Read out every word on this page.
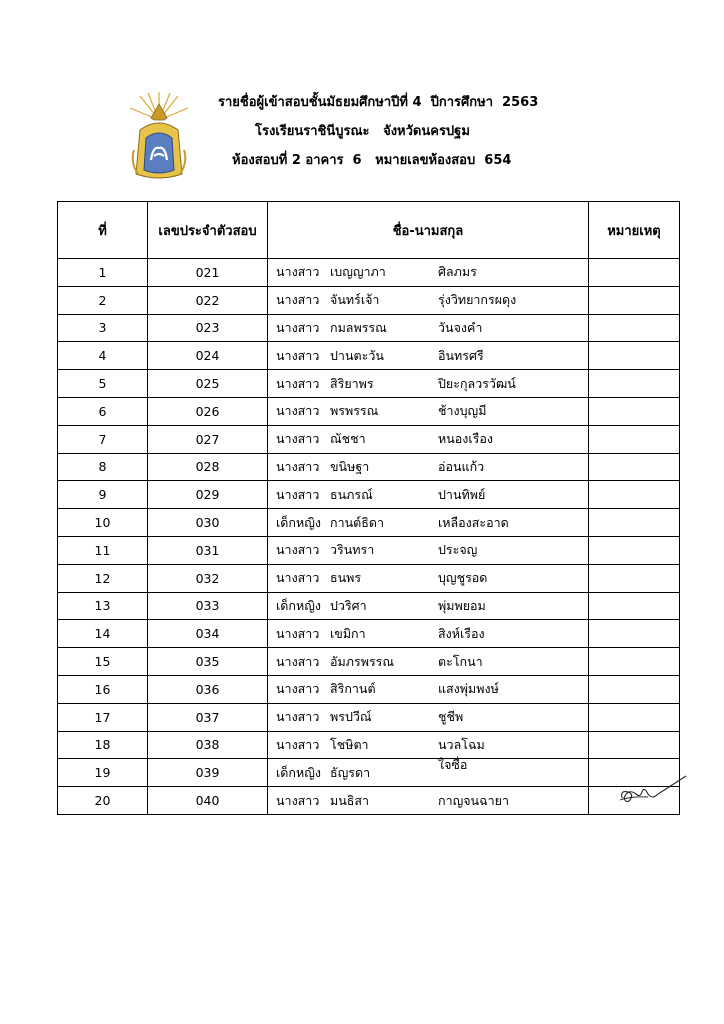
รายชื่อผู้เข้าสอบชั้นมัธยมศึกษาปีที่ 4  ปีการศึกษา  2563
โรงเรียนราชินีบูรณะ   จังหวัดนครปฐม
ห้องสอบที่ 2 อาคาร  6   หมายเลขห้องสอบ  654
ที่	เลขประจำตัวสอบ	ชื่อ-นามสกุล	หมายเหตุ
1	021	นางสาว เบญญาภา ศิลภมร	

2	022	นางสาว จันทร์เจ้า รุ่งวิทยากรผดุง	

3	023	นางสาว กมลพรรณ วันจงคำ	

4	024	นางสาว ปานตะวัน อินทรศรี	

5	025	นางสาว สิริยาพร ปิยะกุลวรวัฒน์	

6	026	นางสาว พรพรรณ ช้างบุญมี	

7	027	นางสาว ณัชชา หนองเรือง	

8	028	นางสาว ขนิษฐา อ่อนแก้ว	

9	029	นางสาว ธนภรณ์ ปานทิพย์	

10	030	เด็กหญิง กานต์ธิดา เหลืองสะอาด	

11	031	นางสาว วรินทรา ประจญ	

12	032	นางสาว ธนพร บุญชูรอด	

13	033	เด็กหญิง ปวริศา พุ่มพยอม	

14	034	นางสาว เขมิกา สิงห์เรือง	

15	035	นางสาว อัมภรพรรณ ตะโกนา	

16	036	นางสาว สิริกานต์ แสงพุ่มพงษ์	

17	037	นางสาว พรปวีณ์ ชูชีพ	

18	038	นางสาว โชษิตา นวลโฉม	

19	039	เด็กหญิง ธัญรดา
ใจซื่อ	

20	040	นางสาว มนธิสา กาญจนฉายา	
